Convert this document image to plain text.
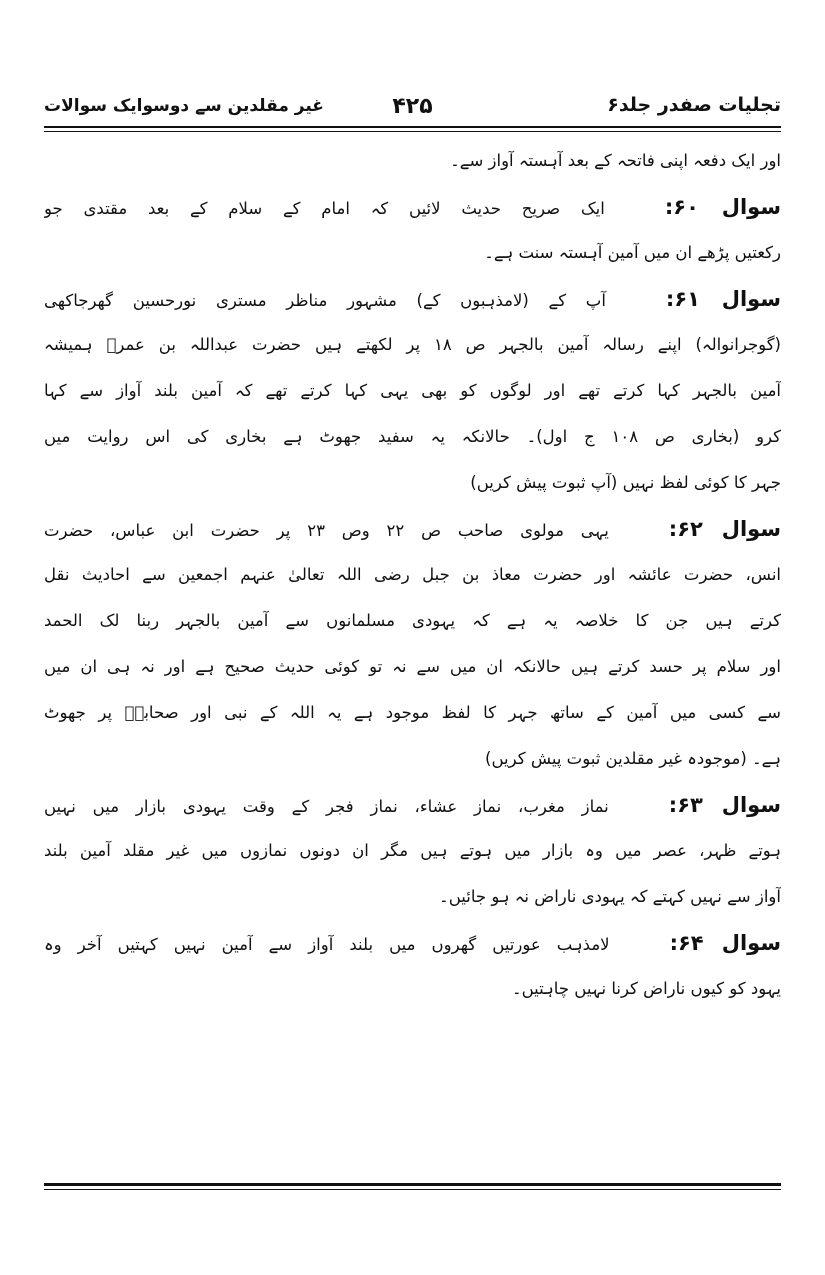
تجلیات صفدر جلد۶
۴۲۵
غیر مقلدین سے دوسوایک سوالات
اور ایک دفعہ اپنی فاتحہ کے بعد آہستہ آواز سے۔
سوال ۶۰:ایک صریح حدیث لائیں کہ امام کے سلام کے بعد مقتدی جو
رکعتیں پڑھے ان میں آمین آہستہ سنت ہے۔
سوال ۶۱:آپ کے (لامذہبوں کے) مشہور مناظر مستری نورحسین گھرجاکھی
(گوجرانوالہ) اپنے رسالہ آمین بالجہر ص ۱۸ پر لکھتے ہیں حضرت عبداللہ بن عمرؓ ہمیشہ
آمین بالجہر کہا کرتے تھے اور لوگوں کو بھی یہی کہا کرتے تھے کہ آمین بلند آواز سے کہا
کرو (بخاری ص ۱۰۸ ج اول)۔ حالانکہ یہ سفید جھوٹ ہے بخاری کی اس روایت میں
جہر کا کوئی لفظ نہیں (آپ ثبوت پیش کریں)
سوال ۶۲:یہی مولوی صاحب ص ۲۲ وص ۲۳ پر حضرت ابن عباس، حضرت
انس، حضرت عائشہ اور حضرت معاذ بن جبل رضی اللہ تعالیٰ عنہم اجمعین سے احادیث نقل
کرتے ہیں جن کا خلاصہ یہ ہے کہ یہودی مسلمانوں سے آمین بالجہر ربنا لک الحمد
اور سلام پر حسد کرتے ہیں حالانکہ ان میں سے نہ تو کوئی حدیث صحیح ہے اور نہ ہی ان میں
سے کسی میں آمین کے ساتھ جہر کا لفظ موجود ہے یہ اللہ کے نبی اور صحابہؓ پر جھوٹ
ہے۔ (موجودہ غیر مقلدین ثبوت پیش کریں)
سوال ۶۳:نماز مغرب، نماز عشاء، نماز فجر کے وقت یہودی بازار میں نہیں
ہوتے ظہر، عصر میں وہ بازار میں ہوتے ہیں مگر ان دونوں نمازوں میں غیر مقلد آمین بلند
آواز سے نہیں کہتے کہ یہودی ناراض نہ ہو جائیں۔
سوال ۶۴:لامذہب عورتیں گھروں میں بلند آواز سے آمین نہیں کہتیں آخر وہ
یہود کو کیوں ناراض کرنا نہیں چاہتیں۔
